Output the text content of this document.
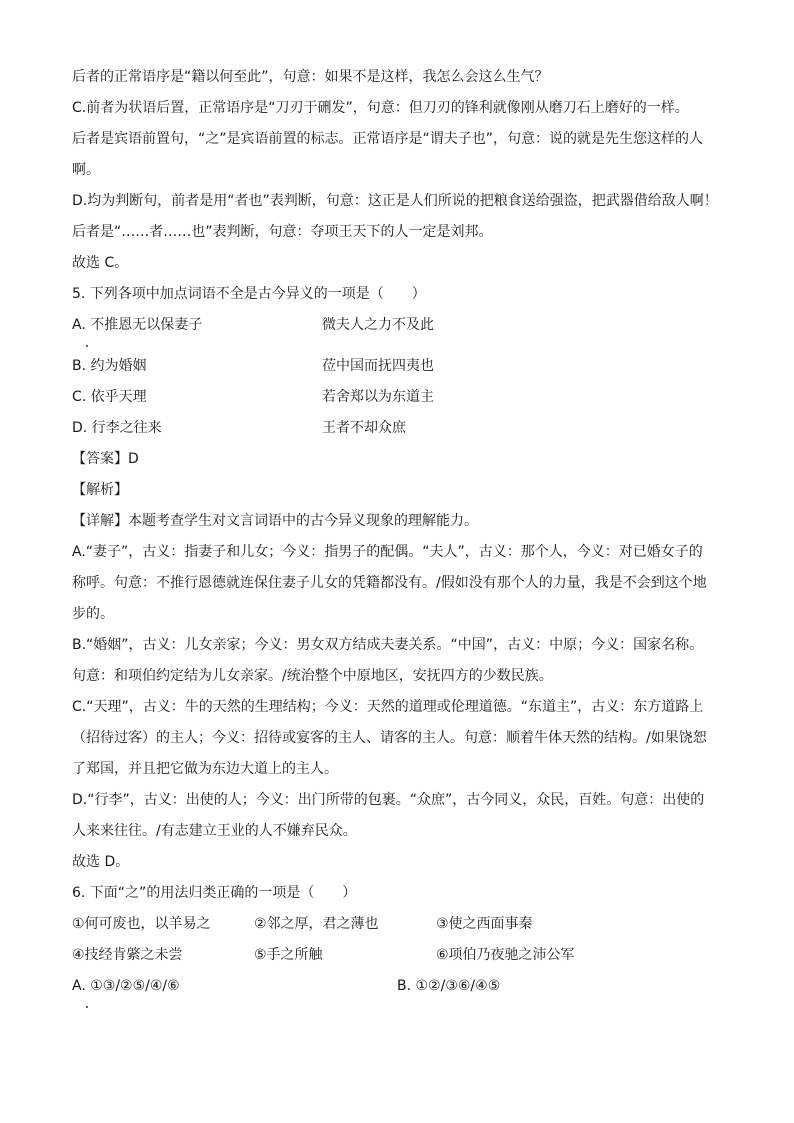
后者的正常语序是“籍以何至此”，句意：如果不是这样，我怎么会这么生气？
C.前者为状语后置，正常语序是“刀刃于硎发”，句意：但刀刃的锋利就像刚从磨刀石上磨好的一样。
后者是宾语前置句，“之”是宾语前置的标志。正常语序是“谓夫子也”，句意：说的就是先生您这样的人
啊。
D.均为判断句，前者是用“者也”表判断，句意：这正是人们所说的把粮食送给强盗，把武器借给敌人啊！
后者是“……者……也”表判断，句意：夺项王天下的人一定是刘邦。
故选 C。
5. 下列各项中加点词语不全是古今异义的一项是（　　）
A. 不推恩无以保妻子	微夫人之力不及此
B. 约为婚姻	莅中国而抚四夷也
C. 依乎天理	若舍郑以为东道主
D. 行李之往来	王者不却众庶
【答案】D
【解析】
【详解】本题考查学生对文言词语中的古今异义现象的理解能力。
A.“妻子”，古义：指妻子和儿女；今义：指男子的配偶。“夫人”，古义：那个人，今义：对已婚女子的
称呼。句意：不推行恩德就连保住妻子儿女的凭籍都没有。/假如没有那个人的力量，我是不会到这个地
步的。
B.“婚姻”，古义：儿女亲家；今义：男女双方结成夫妻关系。“中国”，古义：中原；今义：国家名称。
句意：和项伯约定结为儿女亲家。/统治整个中原地区，安抚四方的少数民族。
C.“天理”，古义：牛的天然的生理结构；今义：天然的道理或伦理道德。“东道主”，古义：东方道路上
（招待过客）的主人；今义：招待或宴客的主人、请客的主人。句意：顺着牛体天然的结构。/如果饶恕
了郑国，并且把它做为东边大道上的主人。
D.“行李”，古义：出使的人；今义：出门所带的包裹。“众庶”，古今同义，众民，百姓。句意：出使的
人来来往往。/有志建立王业的人不嫌弃民众。
故选 D。
6. 下面“之”的用法归类正确的一项是（　　）
①何可废也，以羊易之	②邻之厚，君之薄也	③使之西面事秦
④技经肯綮之未尝	⑤手之所触	⑥项伯乃夜驰之沛公军
A. ①③/②⑤/④/⑥	B. ①②/③⑥/④⑤
